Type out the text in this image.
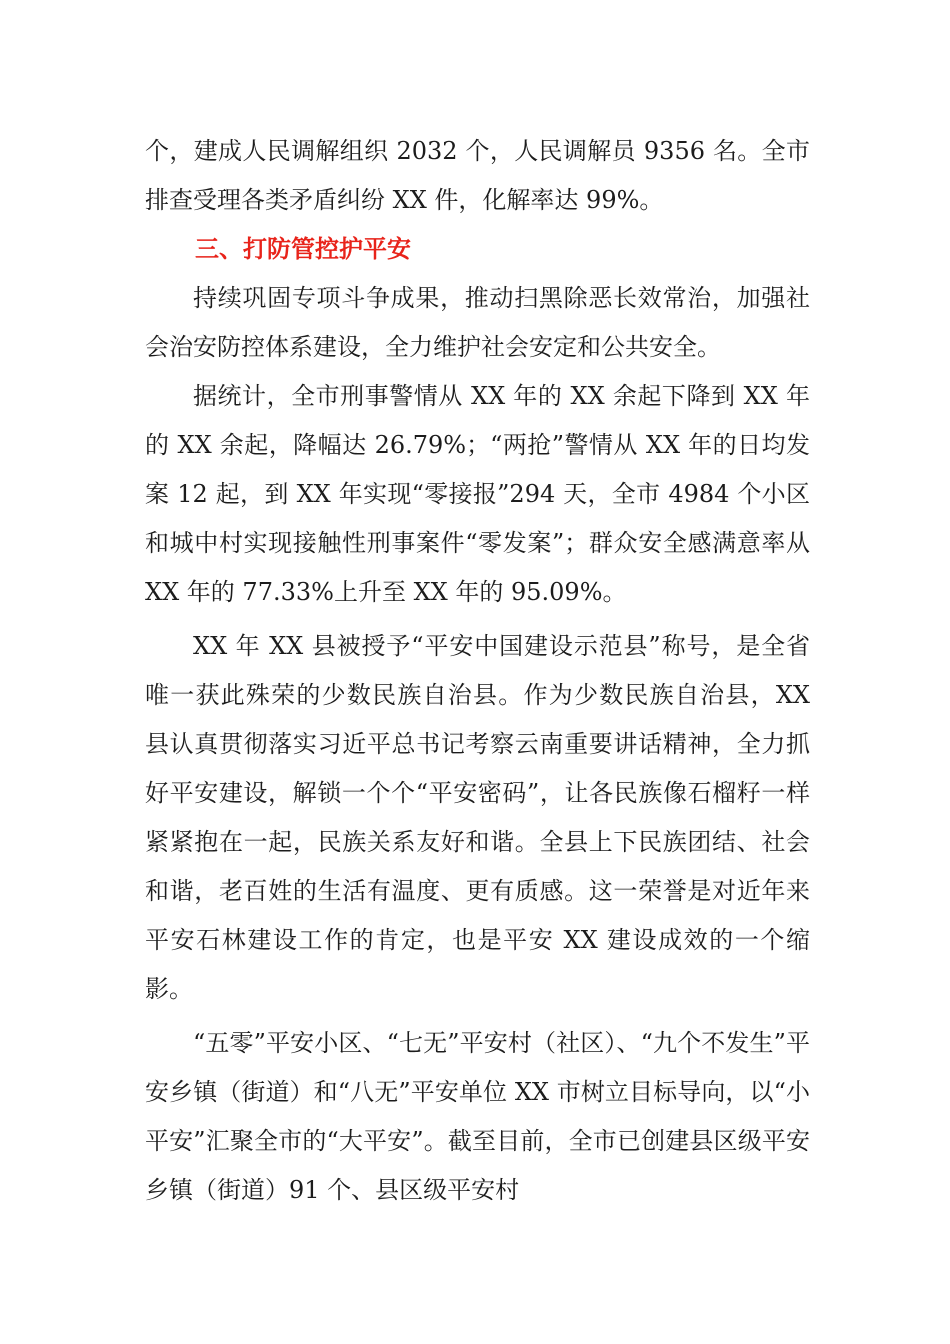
个，建成人民调解组织 2032 个，人民调解员 9356 名。全市排查受理各类矛盾纠纷 XX 件，化解率达 99%。

三、打防管控护平安

持续巩固专项斗争成果，推动扫黑除恶长效常治，加强社会治安防控体系建设，全力维护社会安定和公共安全。

据统计，全市刑事警情从 XX 年的 XX 余起下降到 XX 年的 XX 余起，降幅达 26.79%；“两抢”警情从 XX 年的日均发案 12 起，到 XX 年实现“零接报”294 天，全市 4984 个小区和城中村实现接触性刑事案件“零发案”；群众安全感满意率从 XX 年的 77.33%上升至 XX 年的 95.09%。

XX 年 XX 县被授予“平安中国建设示范县”称号，是全省唯一获此殊荣的少数民族自治县。作为少数民族自治县，XX 县认真贯彻落实习近平总书记考察云南重要讲话精神，全力抓好平安建设，解锁一个个“平安密码”，让各民族像石榴籽一样紧紧抱在一起，民族关系友好和谐。全县上下民族团结、社会和谐，老百姓的生活有温度、更有质感。这一荣誉是对近年来平安石林建设工作的肯定，也是平安 XX 建设成效的一个缩影。

“五零”平安小区、“七无”平安村（社区）、“九个不发生”平安乡镇（街道）和“八无”平安单位 XX 市树立目标导向，以“小平安”汇聚全市的“大平安”。截至目前，全市已创建县区级平安乡镇（街道）91 个、县区级平安村
